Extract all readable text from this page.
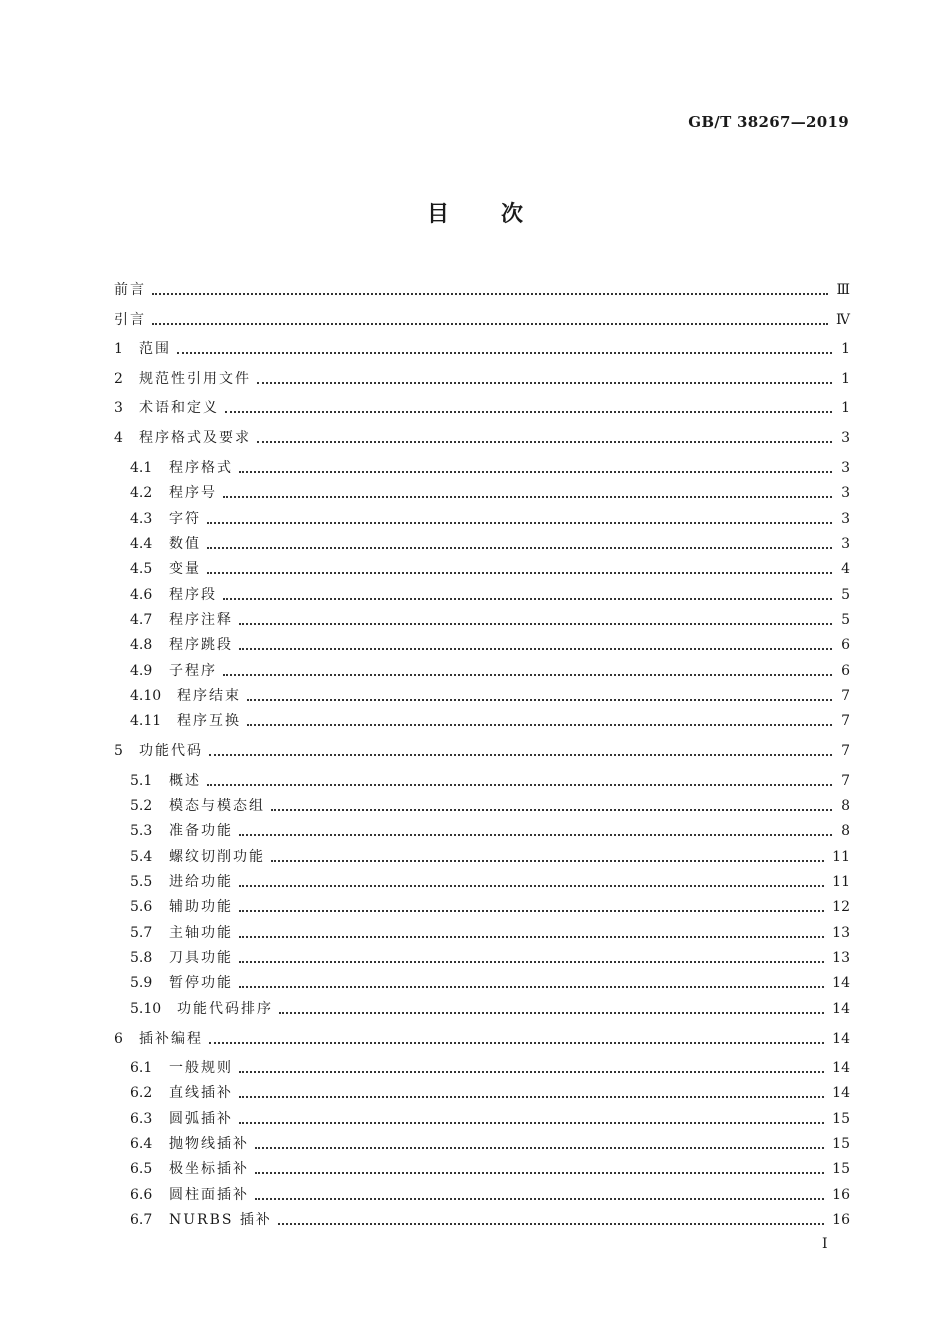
GB/T 38267—2019
目 次
前言	Ⅲ
引言	Ⅳ
1	范围	1
2	规范性引用文件	1
3	术语和定义	1
4	程序格式及要求	3
4.1	程序格式	3
4.2	程序号	3
4.3	字符	3
4.4	数值	3
4.5	变量	4
4.6	程序段	5
4.7	程序注释	5
4.8	程序跳段	6
4.9	子程序	6
4.10	程序结束	7
4.11	程序互换	7
5	功能代码	7
5.1	概述	7
5.2	模态与模态组	8
5.3	准备功能	8
5.4	螺纹切削功能	11
5.5	进给功能	11
5.6	辅助功能	12
5.7	主轴功能	13
5.8	刀具功能	13
5.9	暂停功能	14
5.10	功能代码排序	14
6	插补编程	14
6.1	一般规则	14
6.2	直线插补	14
6.3	圆弧插补	15
6.4	抛物线插补	15
6.5	极坐标插补	15
6.6	圆柱面插补	16
6.7	NURBS 插补	16
I
